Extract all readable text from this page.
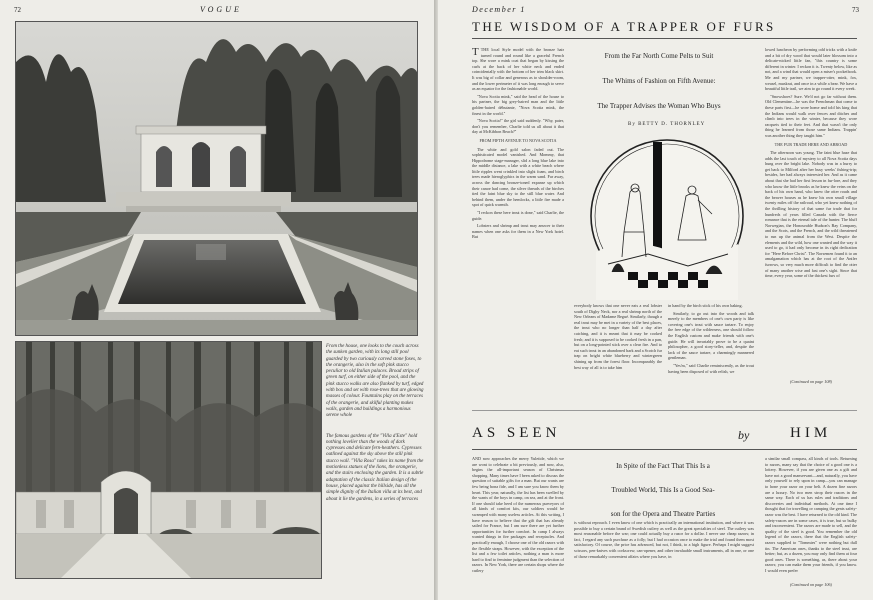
72	VOGUE

From the house, one looks to the couch across the sunken garden, with its long still pool guarded by two curiously carved stone foxes, to the orangerie, also in the soft pink stucco peculiar to old Italian palaces. Broad strips of green turf, on either side of the pool, and the pink stucco walks are also flanked by turf, edged with box and set with rose-trees that are glowing masses of colour. Fountains play on the terraces of the orangerie, and skilful planting makes walls, garden and buildings a harmonious serene whole

The famous gardens of the "Villa d'Este" hold nothing lovelier than the woods of dark cypresses and delicate fern-heathers. Cypresses outlined against the sky above the still pink stucco wall. "Villa Rosa" takes its name from the motionless statues of the lions, the orangerie, and the stairs enclosing the garden. It is a subtle adaptation of the classic Italian design of the house, placed against the hillside, has all the simple dignity of the Italian villa at its best, and about it lie the gardens, in a series of terraces

December 1	73
THE WISDOM OF A TRAPPER OF FURS

TTHE local Style model with the bronze hair turned round and round like a graceful French top. She wore a mink coat that began by kissing the curls at the back of her white neck and ended coincidentally with the bottom of her trim black skirt. It was big of collar and generous as to shoulder-room, and the lower perimeter of it was long enough to serve as an equator for the fashionable world.

"Nova Scotia mink," said the head of the house to his partner, the big grey-haired man and the little golden-haired débutante, "Nova Scotia mink, the finest in the world."

"Nova Scotia!" the girl said suddenly. "Why, pater, don't you remember, Charlie told us all about it that day at McKibbon Beach?"

FROM FIFTH AVENUE TO NOVA SCOTIA

The white and gold salon faded out. The sophisticated model vanished. And Mommy, that Hippodrome stage-manager, slid a long blue lake into the middle distance, a lake with a white beach where little ripples went crinkled into slight foam, and birch trees made hieroglyphics in the warm sand. Far away, across the dancing bronze-toned expanse up which their canoe had come, the silver threads of the birches tied the faint blue sky to the still blue water. And behind them, under the hemlocks, a little fire made a spot of quick warmth.

"I reckon these here trout is done," said Charlie, the guide.

Lobsters and shrimp and trout may answer to their names when one asks for them in a New York hotel. But

From the Far North Come Pelts to Suit

The Whims of Fashion on Fifth Avenue:

The Trapper Advises the Woman Who Buys

By BETTY D. THORNLEY

everybody knows that one never eats a real lobster south of Digby Neck, nor a real shrimp north of the New Orleans of Madame Begué. Similarly, though a real trout may be met in a variety of the best places, the trout who no longer than half a day after catching, and it is meant that it may be cooked fresh; and it is supposed to be cooked fresh in a pan, but on a long-pointed stick over a clear fire. And to eat such trout in an abandoned bark and a Scotch fur trap on bright white blueberry and wintergreen shining up from the forest floor. Incomparably the best way of all is to take him

in hand by the birch stick of his own baking.

Similarly, to go out into the woods and talk merely to the members of one's own party is like covering one's trout with sauce tartare. To enjoy the free edge of the wilderness, one should follow the English custom and make friends with one's guide. He will invariably prove to be a quaint philosopher, a good story-teller, and, despite the lack of the sauce tartare, a charmingly mannered gentleman.

"Yes'm," said Charlie reminiscently, as the trout having been disposed of with relish, we

lowed luncheon by performing odd tricks with a knife and a bit of dry wood that would later blossom into a delicate-nicked little fan, "this country is some different in winter. I reckon it is. Twenty below, like as not, and a wind that would open a miser's pocketbook. Me and my partner, we trapper-otter, mink, fox, weasel, muskrat, and once in a while a bear. We have a beautiful little trail, we aim to go round it every week.

"Snowshoes? Sure. We'd not go far without them. Old Clementine—he was the Frenchman that come to these parts first—he wore home and told his king that the Indians would walk over fences and ditches and climb into trees in the winter, because they wore racquets tied to their feet. And that wasn't the only thing he learned from those same Indians. Trappin' was another thing they taught him."

THE FUR TRADE HERE AND ABROAD

The afternoon was young. The faint blue haze that adds the last touch of mystery to all Nova Scotia days hung over the bright lake. Nobody was in a hurry to get back to Milford after her busy weeks' fishing-trip; besides, her had always interested her. And as it came about that she had her first lesson in fur-lore, and they who know the little brooks as he knew the veins on the back of his own hand, who knew the otter roads and the beaver houses as he knew his own small village twenty miles off the railroad, who yet knew nothing of the thrilling history of that same fur trade that for hundreds of years filled Canada with the fierce romance that is the eternal tale of the hunter. The bluff Norwegian, the Honourable Hudson's Bay Company, and the Scots, and the French, and the wild threatened to run up the animal from the West. Despite the elements and the wild, how one wanted and the way it used to go, it had only become in its right dedication for "Here Before Christ". The Norsemen found it to an amalgamation which has at the root of the Antler furrows, so very much more difficult to find the otter of many another wise and fast one's sight. Since that time, every year, some of the thickest furs of

(Continued on page 108)

AS SEEN	by	HIM

AND now approaches the merry Yuletide, which we are wont to celebrate a bit previously, and now, also, begins the all-important season of Christmas shopping. Many times have I been asked to discuss the question of suitable gifts for a man. But our wants are few being bona fide, and I am sure you know them by heart. This year, naturally, the list has been swelled by the wants of the boys in camp, on sea, and at the front. If one should take heed of the numerous purveyors of all kinds of comfort kits, our soldiers would be swamped with many useless articles. At this writing, I have reason to believe that the gift that has already sailed for France, but I am sure there are yet further opportunities for further comfort. In camp I always wanted things in fire packages and receptacles. And practically enough, I choose one of the old razors with the flexible straps. However, with the exception of the list and a few toilet articles, nothing a man is more hard to find to feminine judgment than the selection of razors. In New York, there are certain shops where the cutlery

In Spite of the Fact That This Is a
Troubled World, This Is a Good Sea-
son for the Opera and Theatre Parties

is without reproach. I even know of one which is practically an international institution, and where it was possible to buy a certain brand of Swedish cutlery as well as the great specialties of steel. The cutlery was most reasonable before the war; one could actually buy a razor for a dollar. I never use cheap razors; in fact, I regard any such purchase as a folly; but I had occasion once to make the trial and found them most satisfactory. Of course, the price has advanced, but not, I think, to a high figure. Perhaps I might suggest scissors, pen-knives with corkscrew, can-opener, and other invaluable small instruments, all in one, or one of those remarkably convenient affairs where you have, in

a similar small compass, all kinds of tools. Returning to razors, many say that the choice of a good one is a lottery. However, if you are given one as a gift and have not a good manservant—and, naturally, you have only yourself to rely upon in camp—you can manage to hone your razor on your belt. A dozen fine razors are a luxury. No two men strop their razors in the same way. Each of us has rules and traditions and discoveries and individual methods. At one time I thought that for travelling or camping the gents safety-razor was the best. I have returned to the old kind. The safety-razors are in some cases, it is true, but so bulky and inconvenient. The razors are made to sell, and the quality of the steel is good. You remember the old legend of the razors, there that the English safety-razors supplied to "Tommies" were nothing but dull tin. The American ones, thanks to the steel trust, are better; but, as a dozen, you may only find them at four good ones. There is something, as, there about your razors; you can make them your friends, if you know. I would even prefer

(Continued on page 106)
